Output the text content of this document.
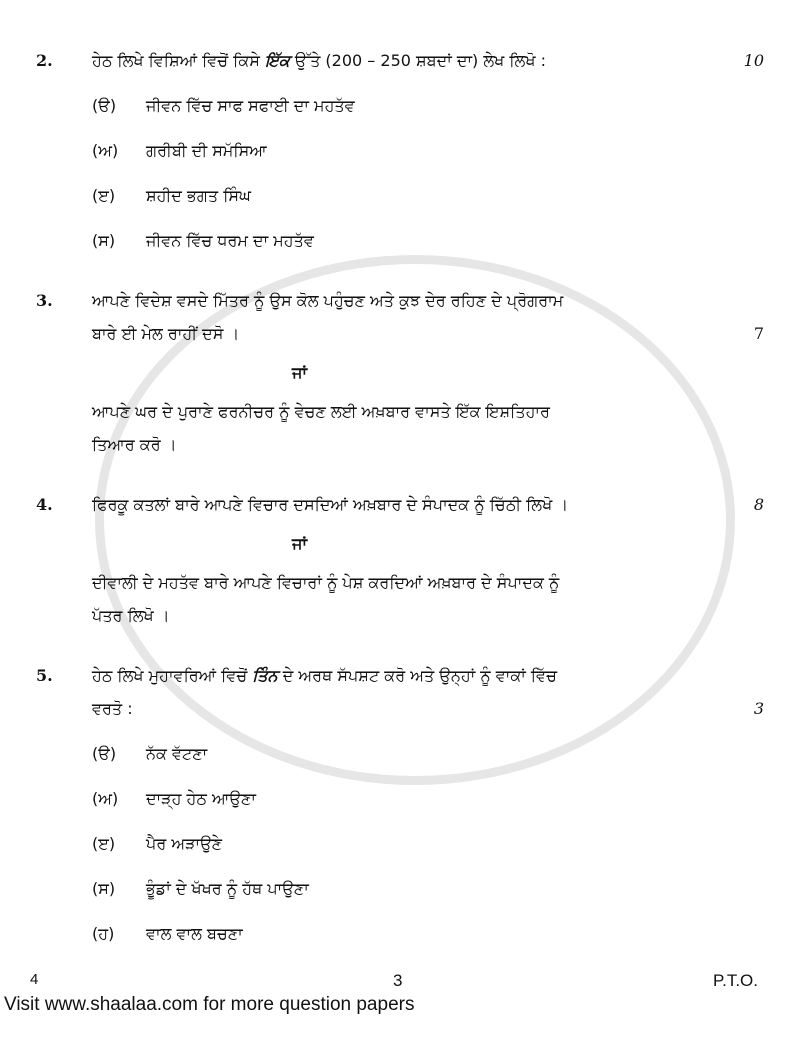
2.	ਹੇਠ ਲਿਖੇ ਵਿਸ਼ਿਆਂ ਵਿਚੋਂ ਕਿਸੇ ਇੱਕ ਉੱਤੇ (200 – 250 ਸ਼ਬਦਾਂ ਦਾ) ਲੇਖ ਲਿਖੋ :	10
(ੳ)	ਜੀਵਨ ਵਿੱਚ ਸਾਫ ਸਫਾਈ ਦਾ ਮਹਤੱਵ
(ਅ)	ਗਰੀਬੀ ਦੀ ਸਮੱਸਿਆ
(ੲ)	ਸ਼ਹੀਦ ਭਗਤ ਸਿੰਘ
(ਸ)	ਜੀਵਨ ਵਿੱਚ ਧਰਮ ਦਾ ਮਹਤੱਵ
3.	ਆਪਣੇ ਵਿਦੇਸ਼ ਵਸਦੇ ਮਿੱਤਰ ਨੂੰ ਉਸ ਕੋਲ ਪਹੁੰਚਣ ਅਤੇ ਕੁਝ ਦੇਰ ਰਹਿਣ ਦੇ ਪ੍ਰੋਗਰਾਮ
ਬਾਰੇ ਈ ਮੇਲ ਰਾਹੀਂ ਦਸੋ ।	7
ਜਾਂ
ਆਪਣੇ ਘਰ ਦੇ ਪੁਰਾਣੇ ਫਰਨੀਚਰ ਨੂੰ ਵੇਚਣ ਲਈ ਅਖ਼ਬਾਰ ਵਾਸਤੇ ਇੱਕ ਇਸ਼ਤਿਹਾਰ
ਤਿਆਰ ਕਰੋ ।
4.	ਫਿਰਕੂ ਕਤਲਾਂ ਬਾਰੇ ਆਪਣੇ ਵਿਚਾਰ ਦਸਦਿਆਂ ਅਖ਼ਬਾਰ ਦੇ ਸੰਪਾਦਕ ਨੂੰ ਚਿੱਠੀ ਲਿਖੋ ।	8
ਜਾਂ
ਦੀਵਾਲੀ ਦੇ ਮਹਤੱਵ ਬਾਰੇ ਆਪਣੇ ਵਿਚਾਰਾਂ ਨੂੰ ਪੇਸ਼ ਕਰਦਿਆਂ ਅਖ਼ਬਾਰ ਦੇ ਸੰਪਾਦਕ ਨੂੰ
ਪੱਤਰ ਲਿਖੋ ।
5.	ਹੇਠ ਲਿਖੇ ਮੁਹਾਵਰਿਆਂ ਵਿਚੋਂ ਤਿੰਨ ਦੇ ਅਰਥ ਸੱਪਸ਼ਟ ਕਰੋ ਅਤੇ ਉਨ੍ਹਾਂ ਨੂੰ ਵਾਕਾਂ ਵਿੱਚ
ਵਰਤੋ :	3
(ੳ)	ਨੱਕ ਵੱਟਣਾ
(ਅ)	ਦਾੜ੍ਹ ਹੇਠ ਆਉਣਾ
(ੲ)	ਪੈਰ ਅੜਾਉਣੇ
(ਸ)	ਭੂੰਡਾਂ ਦੇ ਖੱਖਰ ਨੂੰ ਹੱਥ ਪਾਉਣਾ
(ਹ)	ਵਾਲ ਵਾਲ ਬਚਣਾ
4	3	P.T.O.
Visit www.shaalaa.com for more question papers
